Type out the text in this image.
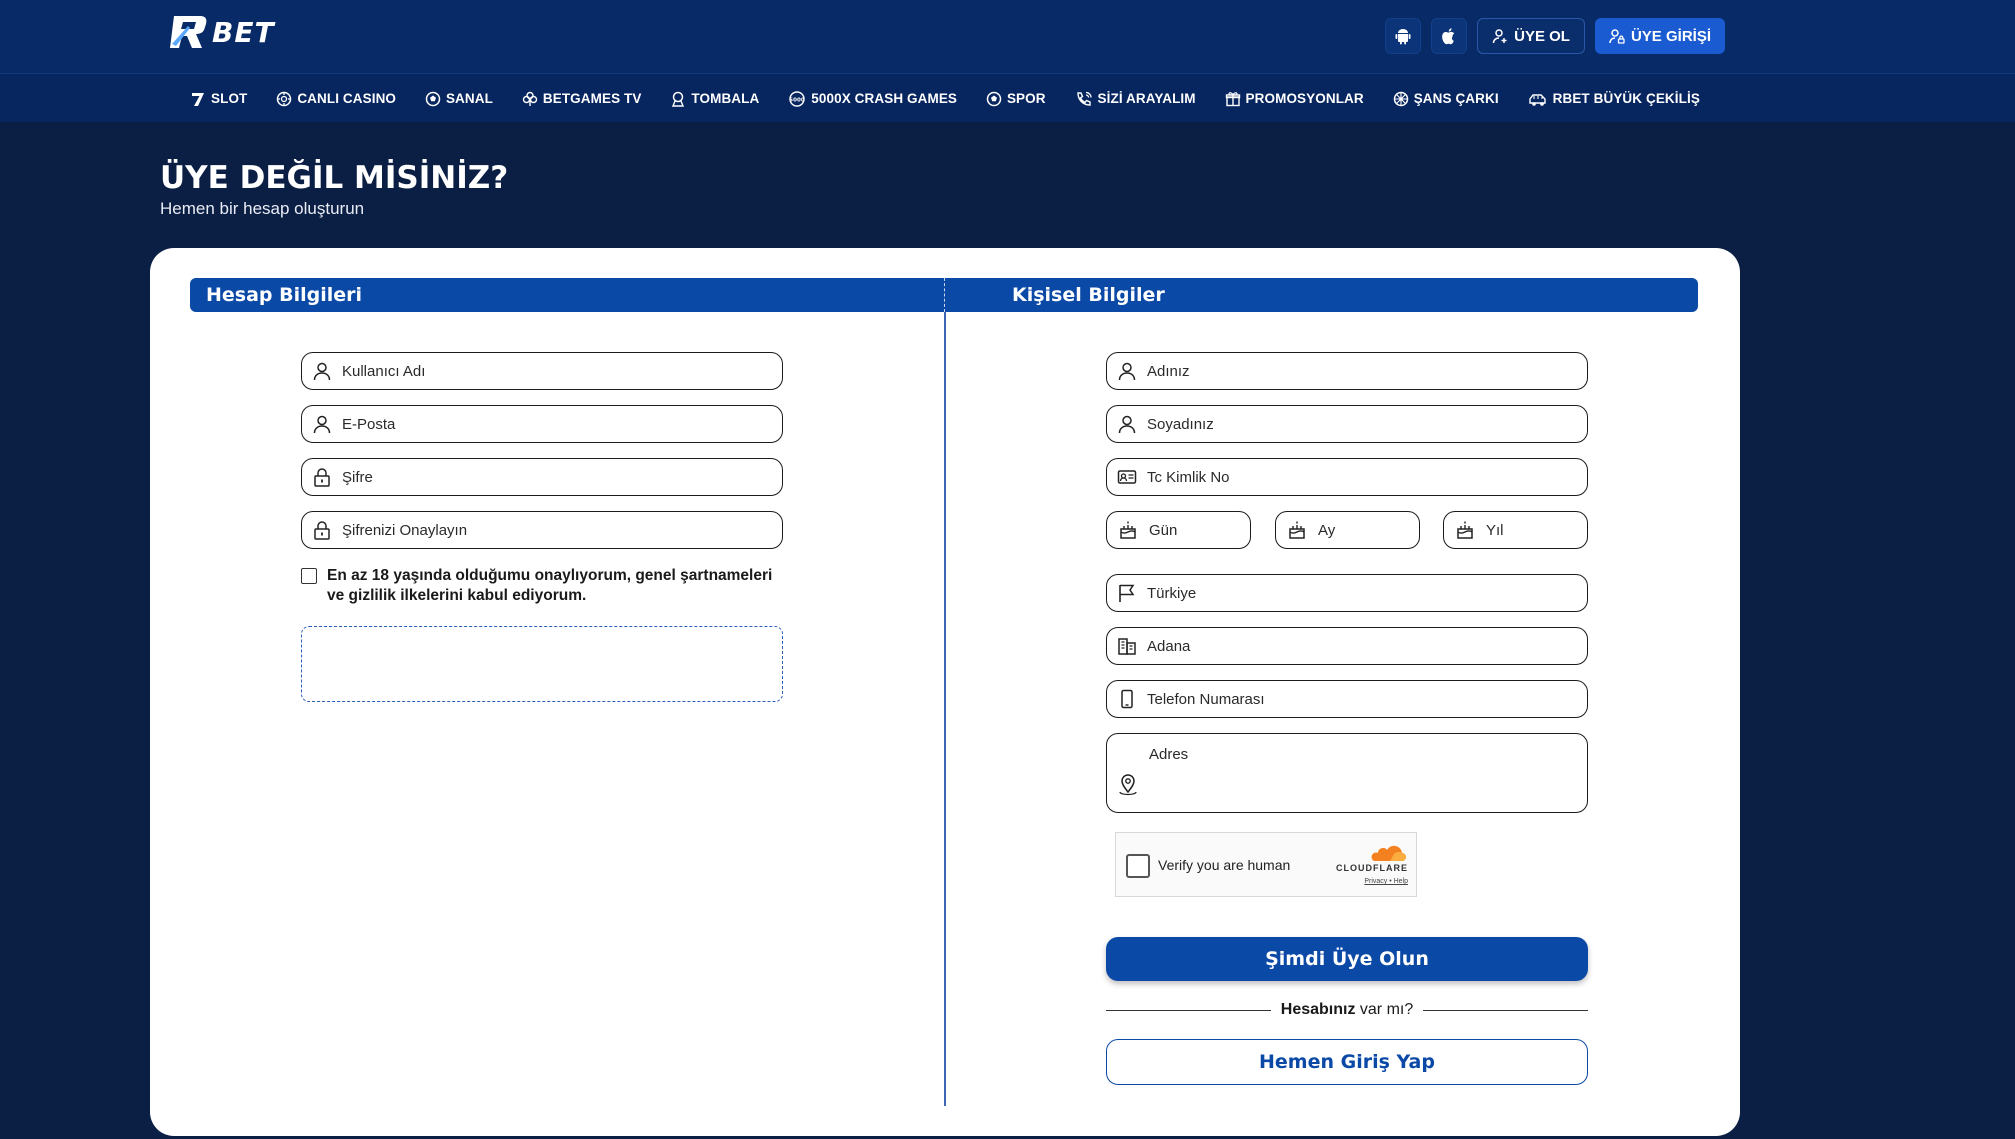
BET	ÜYE OL	ÜYE GİRİŞİ
SLOT	CANLI CASINO	SANAL	BETGAMES TV	TOMBALA	5000 5000X CRASH GAMES	SPOR	SİZİ ARAYALIM	PROMOSYONLAR	ŞANS ÇARKI	RBET BÜYÜK ÇEKİLİŞ
ÜYE DEĞİL MİSİNİZ?
Hemen bir hesap oluşturun
Hesap Bilgileri	Kişisel Bilgiler
Kullanıcı Adı
E-Posta
Şifre
Şifrenizi Onaylayın
En az 18 yaşında olduğumu onaylıyorum, genel şartnameleri ve gizlilik ilkelerini kabul ediyorum.
Adınız
Soyadınız
Tc Kimlik No
Gün	Ay	Yıl
Türkiye
Adana
Telefon Numarası
Adres
Verify you are human	CLOUDFLARE
Privacy • Help
Şimdi Üye Olun
Hesabınız var mı?
Hemen Giriş Yap
